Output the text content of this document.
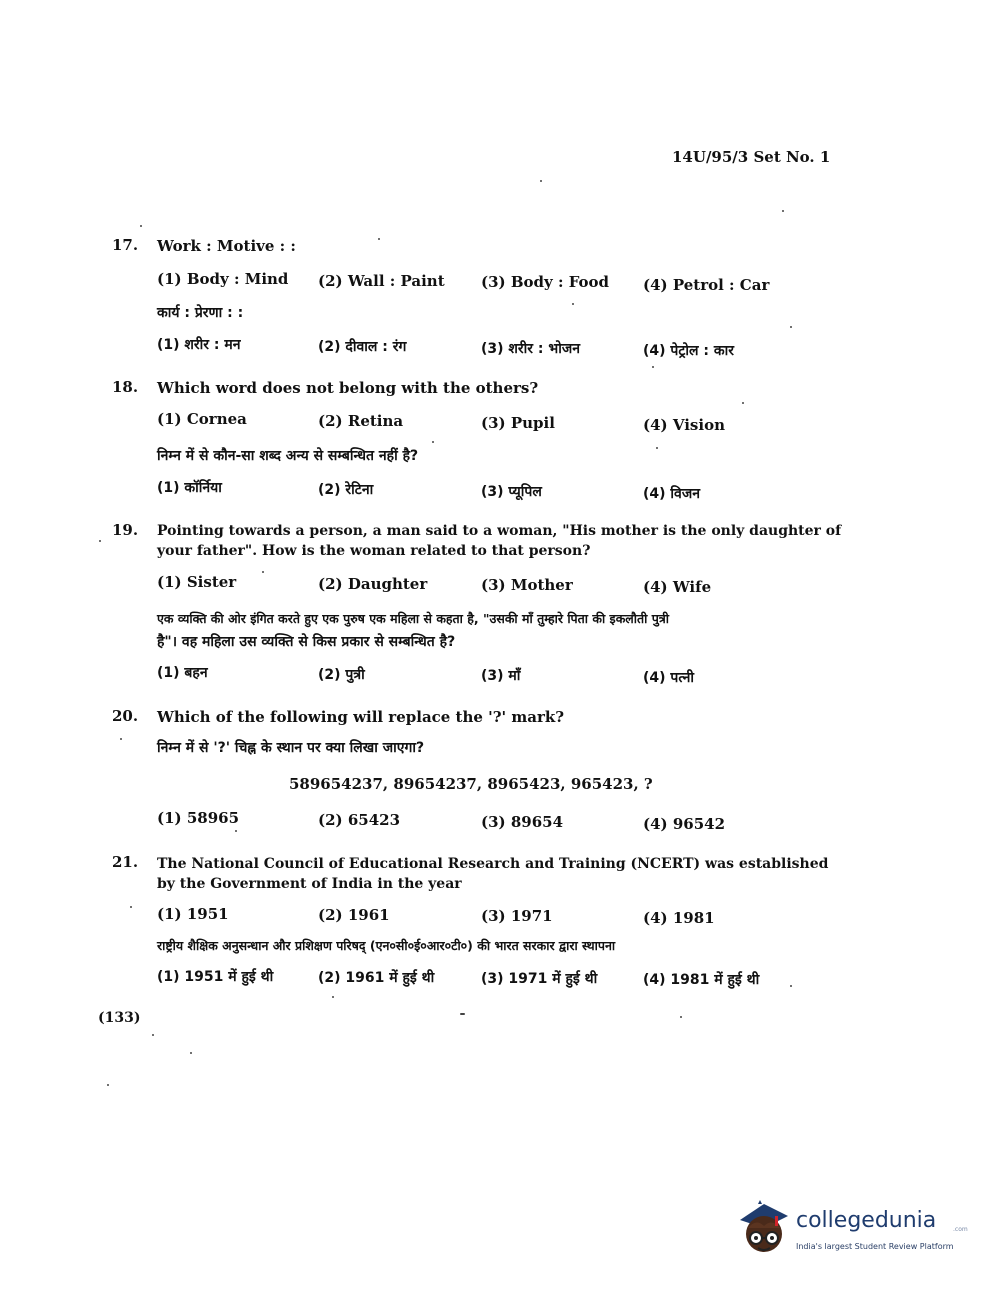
14U/95/3 Set No. 1
17. Work : Motive : :
(1) Body : Mind (2) Wall : Paint (3) Body : Food (4) Petrol : Car
कार्य : प्रेरणा : :
(1) शरीर : मन	(2) दीवाल : रंग	(3) शरीर : भोजन	(4) पेट्रोल : कार
18. Which word does not belong with the others?
(1) Cornea	(2) Retina	(3) Pupil	(4) Vision
निम्न में से कौन-सा शब्द अन्य से सम्बन्धित नहीं है?
(1) कॉर्निया	(2) रेटिना	(3) प्यूपिल	(4) विजन
19. Pointing towards a person, a man said to a woman, "His mother is the only daughter of
your father". How is the woman related to that person?
(1) Sister	(2) Daughter	(3) Mother	(4) Wife
एक व्यक्ति की ओर इंगित करते हुए एक पुरुष एक महिला से कहता है, "उसकी माँ तुम्हारे पिता की इकलौती पुत्री
है"। वह महिला उस व्यक्ति से किस प्रकार से सम्बन्धित है?
(1) बहन	(2) पुत्री	(3) माँ	(4) पत्नी
20. Which of the following will replace the '?' mark?
निम्न में से '?' चिह्न के स्थान पर क्या लिखा जाएगा?
589654237, 89654237, 8965423, 965423, ?
(1) 58965	(2) 65423	(3) 89654	(4) 96542
21. The National Council of Educational Research and Training (NCERT) was established
by the Government of India in the year
(1) 1951	(2) 1961	(3) 1971	(4) 1981
राष्ट्रीय शैक्षिक अनुसन्धान और प्रशिक्षण परिषद् (एन०सी०ई०आर०टी०) की भारत सरकार द्वारा स्थापना
(1) 1951 में हुई थी	(2) 1961 में हुई थी	(3) 1971 में हुई थी	(4) 1981 में हुई थी
(133)
collegedunia	.com
India's largest Student Review Platform
